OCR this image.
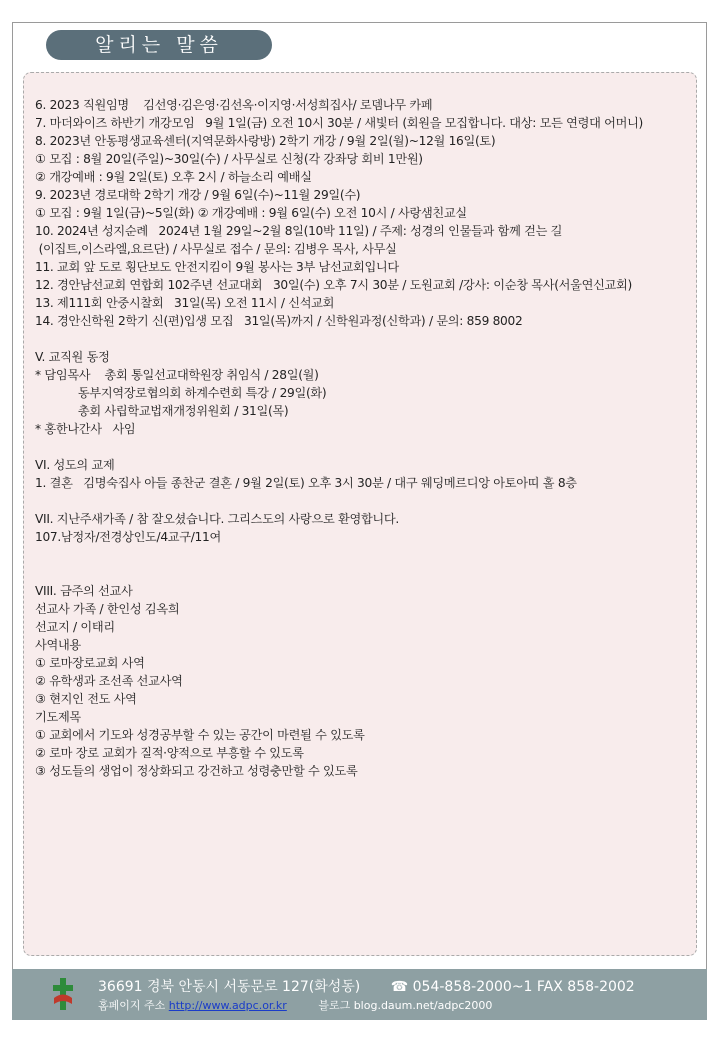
알리는 말씀

6. 2023 직원임명    김선영·김은영·김선옥·이지영·서성희집사/ 로뎀나무 카페

7. 마더와이즈 하반기 개강모임   9월 1일(금) 오전 10시 30분 / 새빛터 (회원을 모집합니다. 대상: 모든 연령대 어머니)

8. 2023년 안동평생교육센터(지역문화사랑방) 2학기 개강 / 9월 2일(월)~12월 16일(토)

① 모집 : 8월 20일(주일)~30일(수) / 사무실로 신청(각 강좌당 회비 1만원)

② 개강예배 : 9월 2일(토) 오후 2시 / 하늘소리 예배실

9. 2023년 경로대학 2학기 개강 / 9월 6일(수)~11월 29일(수)

① 모집 : 9월 1일(금)~5일(화) ② 개강예배 : 9월 6일(수) 오전 10시 / 사랑샘친교실

10. 2024년 성지순례   2024년 1월 29일~2월 8일(10박 11일) / 주제: 성경의 인물들과 함께 걷는 길

(이집트,이스라엘,요르단) / 사무실로 접수 / 문의: 김병우 목사, 사무실

11. 교회 앞 도로 횡단보도 안전지킴이 9월 봉사는 3부 남선교회입니다

12. 경안남선교회 연합회 102주년 선교대회   30일(수) 오후 7시 30분 / 도원교회 /강사: 이순창 목사(서울연신교회)

13. 제111회 안중시찰회   31일(목) 오전 11시 / 신석교회

14. 경안신학원 2학기 신(편)입생 모집   31일(목)까지 / 신학원과정(신학과) / 문의: 859 8002

V. 교직원 동정

* 담임목사    총회 통일선교대학원장 취임식 / 28일(월)

동부지역장로협의회 하계수련회 특강 / 29일(화)

총회 사립학교법재개정위원회 / 31일(목)

* 홍한나간사   사임

VI. 성도의 교제

1. 결혼   김명숙집사 아들 종찬군 결혼 / 9월 2일(토) 오후 3시 30분 / 대구 웨딩메르디앙 아토아띠 홀 8층

VII. 지난주새가족 / 참 잘오셨습니다. 그리스도의 사랑으로 환영합니다.

107.남정자/전경상인도/4교구/11여

VIII. 금주의 선교사

선교사 가족 / 한인성 김옥희

선교지 / 이태리

사역내용

① 로마장로교회 사역

② 유학생과 조선족 선교사역

③ 현지인 전도 사역

기도제목

① 교회에서 기도와 성경공부할 수 있는 공간이 마련될 수 있도록

② 로마 장로 교회가 질적·양적으로 부흥할 수 있도록

③ 성도들의 생업이 정상화되고 강건하고 성령충만할 수 있도록

36691 경북 안동시 서동문로 127(화성동) ☎ 054-858-2000~1 FAX 858-2002
홈페이지 주소 http://www.adpc.or.kr	블로그 blog.daum.net/adpc2000
